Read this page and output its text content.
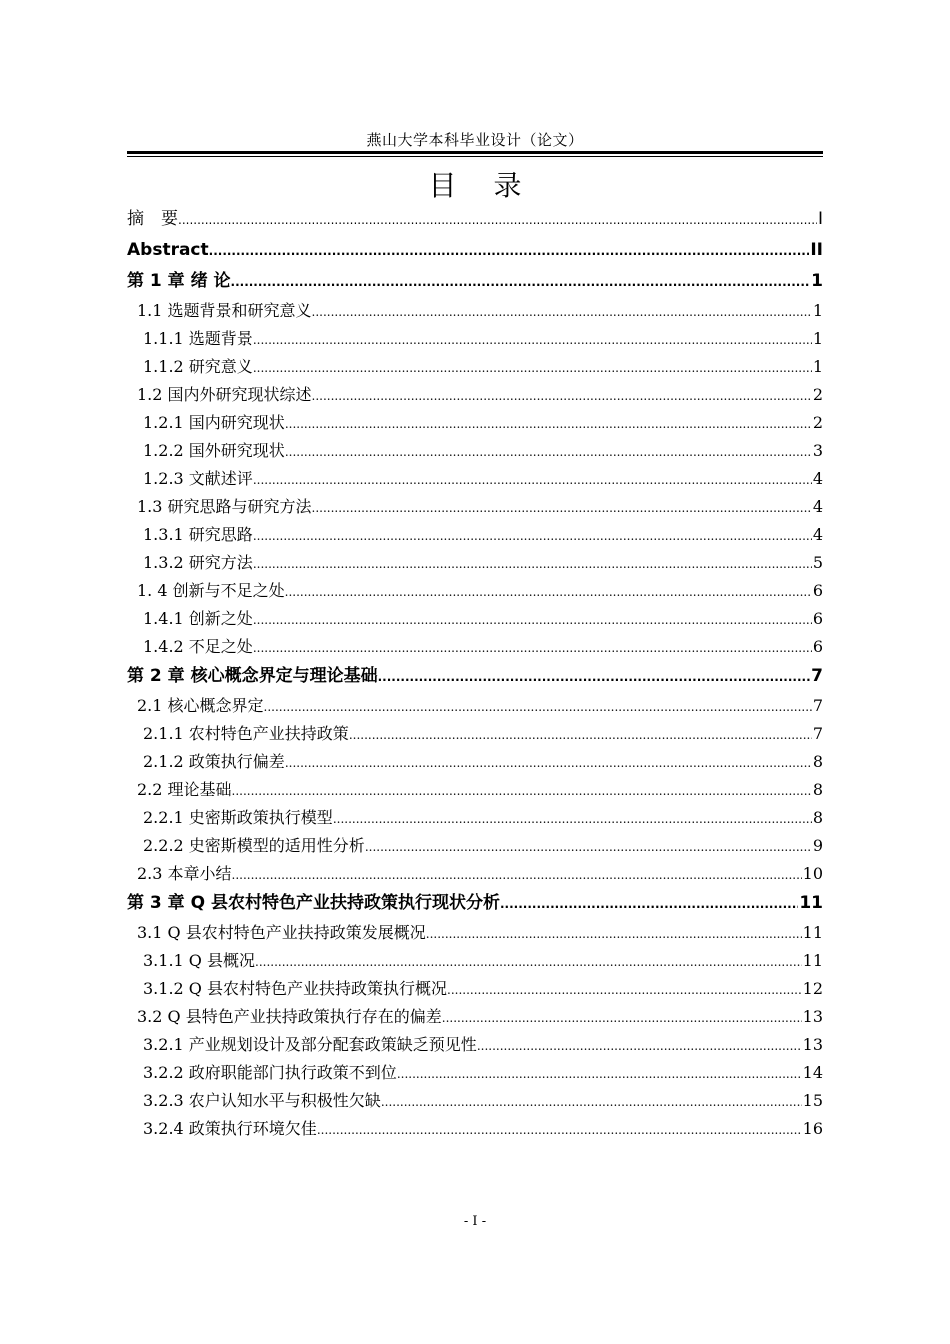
燕山大学本科毕业设计（论文）
目 录
摘　要 .....	I
Abstract .....	II
第 1 章 绪 论 .....	1
1.1 选题背景和研究意义 .....	1
1.1.1 选题背景 .....	1
1.1.2 研究意义 .....	1
1.2 国内外研究现状综述 .....	2
1.2.1 国内研究现状 .....	2
1.2.2 国外研究现状 .....	3
1.2.3 文献述评 .....	4
1.3 研究思路与研究方法 .....	4
1.3.1 研究思路 .....	4
1.3.2 研究方法 .....	5
1. 4 创新与不足之处 .....	6
1.4.1 创新之处 .....	6
1.4.2 不足之处 .....	6
第 2 章 核心概念界定与理论基础 .....	7
2.1 核心概念界定 .....	7
2.1.1 农村特色产业扶持政策 .....	7
2.1.2 政策执行偏差 .....	8
2.2 理论基础 .....	8
2.2.1 史密斯政策执行模型 .....	8
2.2.2 史密斯模型的适用性分析 .....	9
2.3 本章小结 .....	10
第 3 章 Q 县农村特色产业扶持政策执行现状分析 .....	11
3.1 Q 县农村特色产业扶持政策发展概况 .....	11
3.1.1 Q 县概况 .....	11
3.1.2 Q 县农村特色产业扶持政策执行概况 .....	12
3.2 Q 县特色产业扶持政策执行存在的偏差 .....	13
3.2.1 产业规划设计及部分配套政策缺乏预见性 .....	13
3.2.2 政府职能部门执行政策不到位 .....	14
3.2.3 农户认知水平与积极性欠缺 .....	15
3.2.4 政策执行环境欠佳 .....	16
- I -
